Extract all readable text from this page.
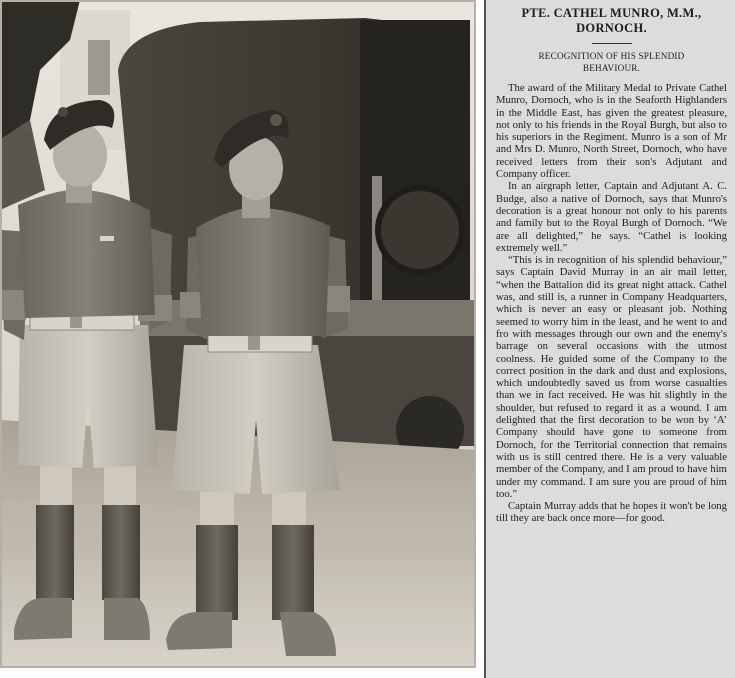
PTE. CATHEL MUNRO, M.M.,
DORNOCH.

RECOGNITION OF HIS SPLENDID
BEHAVIOUR.

The award of the Military Medal to Private Cathel Munro, Dornoch, who is in the Seaforth Highlanders in the Middle East, has given the greatest pleasure, not only to his friends in the Royal Burgh, but also to his superiors in the Regiment. Munro is a son of Mr and Mrs D. Munro, North Street, Dornoch, who have received letters from their son's Adjutant and Company officer.

In an airgraph letter, Captain and Adjutant A. C. Budge, also a native of Dornoch, says that Munro's decoration is a great honour not only to his parents and family but to the Royal Burgh of Dornoch. “We are all delighted,” he says. “Cathel is looking extremely well.”

“This is in recognition of his splendid behaviour,” says Captain David Murray in an air mail letter, “when the Battalion did its great night attack. Cathel was, and still is, a runner in Company Headquarters, which is never an easy or pleasant job. Nothing seemed to worry him in the least, and he went to and fro with messages through our own and the enemy's barrage on several occasions with the utmost coolness. He guided some of the Company to the correct position in the dark and dust and explosions, which undoubtedly saved us from worse casualties than we in fact received. He was hit slightly in the shoulder, but refused to regard it as a wound. I am delighted that the first decoration to be won by ‘A’ Company should have gone to someone from Dornoch, for the Territorial connection that remains with us is still centred there. He is a very valuable member of the Company, and I am proud to have him under my command. I am sure you are proud of him too.”

Captain Murray adds that he hopes it won't be long till they are back once more—for good.
